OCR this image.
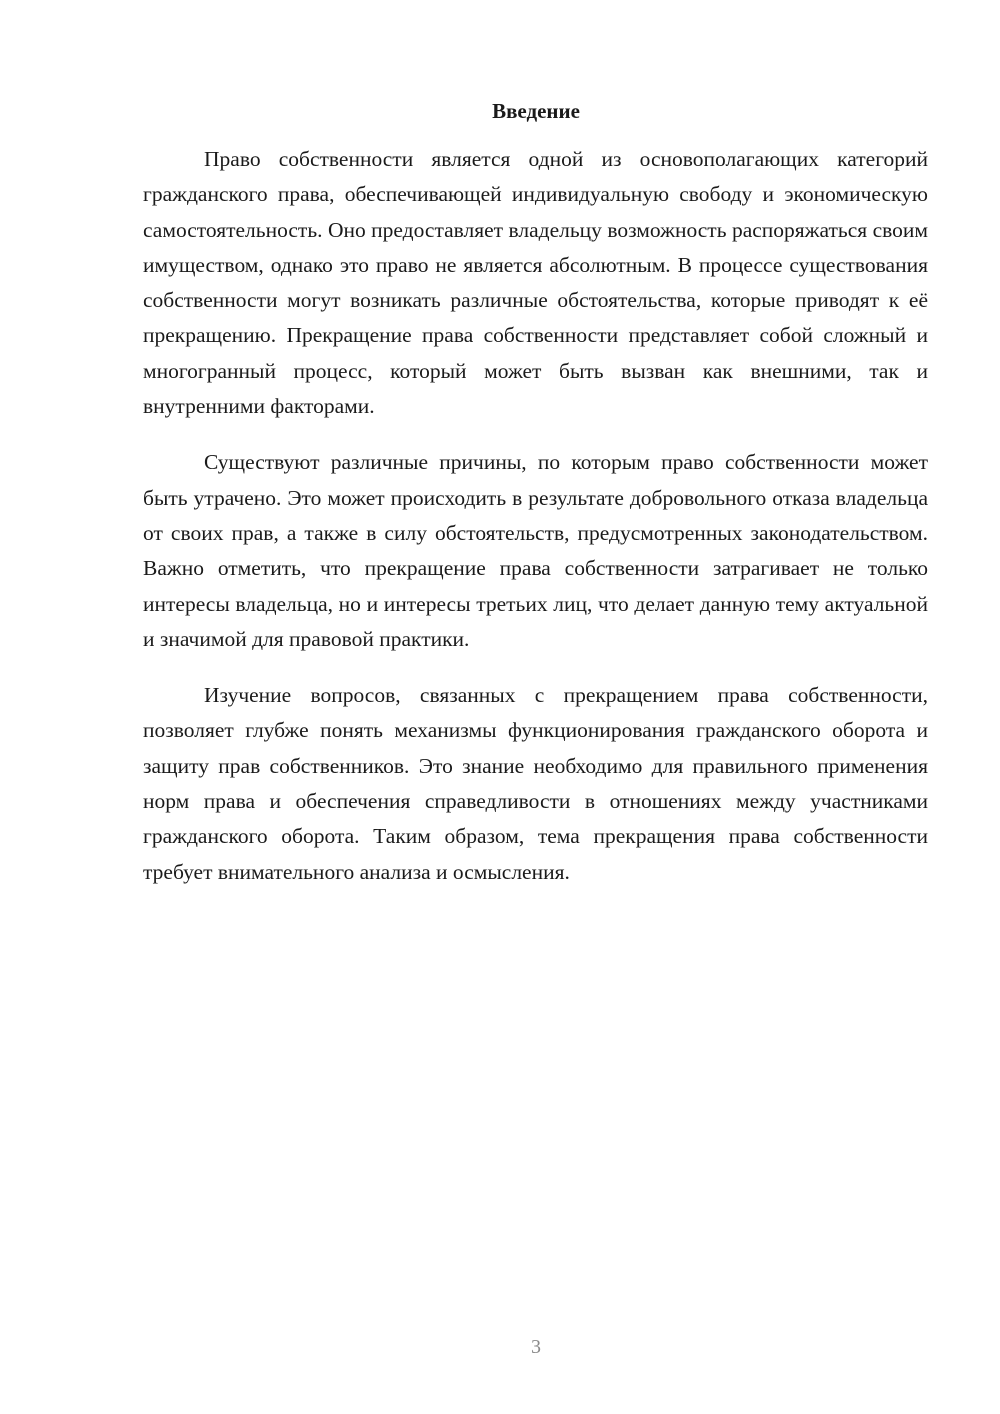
Введение

Право собственности является одной из основополагающих категорий гражданского права, обеспечивающей индивидуальную свободу и экономическую самостоятельность. Оно предоставляет владельцу возможность распоряжаться своим имуществом, однако это право не является абсолютным. В процессе существования собственности могут возникать различные обстоятельства, которые приводят к её прекращению. Прекращение права собственности представляет собой сложный и многогранный процесс, который может быть вызван как внешними, так и внутренними факторами.

Существуют различные причины, по которым право собственности может быть утрачено. Это может происходить в результате добровольного отказа владельца от своих прав, а также в силу обстоятельств, предусмотренных законодательством. Важно отметить, что прекращение права собственности затрагивает не только интересы владельца, но и интересы третьих лиц, что делает данную тему актуальной и значимой для правовой практики.

Изучение вопросов, связанных с прекращением права собственности, позволяет глубже понять механизмы функционирования гражданского оборота и защиту прав собственников. Это знание необходимо для правильного применения норм права и обеспечения справедливости в отношениях между участниками гражданского оборота. Таким образом, тема прекращения права собственности требует внимательного анализа и осмысления.

3
